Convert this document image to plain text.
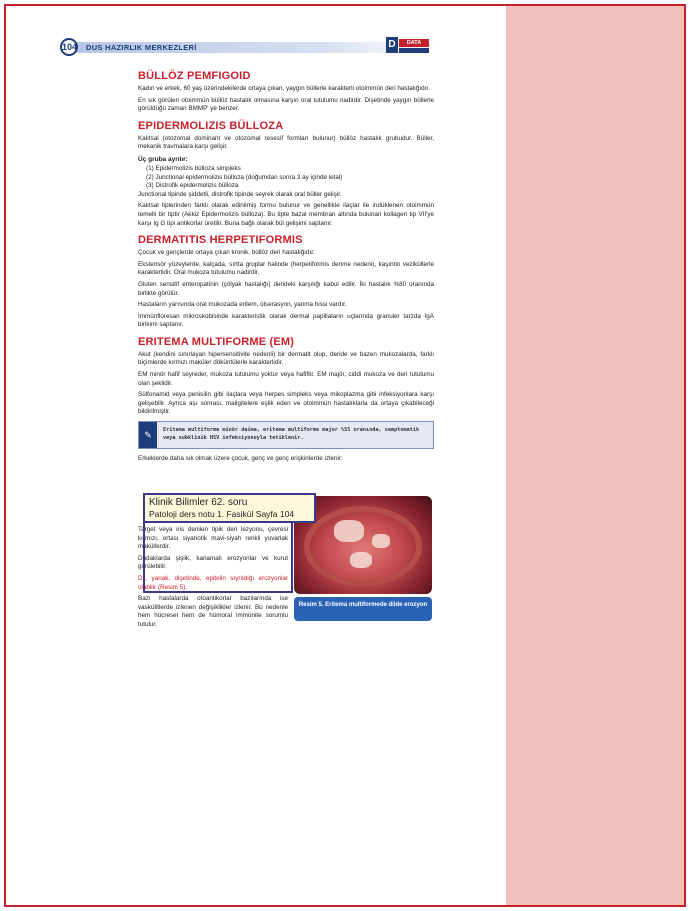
104 DUS HAZIRLIK MERKEZLERİ	D	DATA
BÜLLÖZ PEMFIGOID
Kadın ve erkek, 60 yaş üzerindekilerde ortaya çıkan, yaygın büllerle karakterli otoimmün deri hastalığıdır.
En sık görülen otoimmün büllöz hastalık olmasına karşın oral tutulumu nadirdir. Dişetinde yaygın büllerle görüldüğü zaman BMMP' ye benzer.
EPIDERMOLIZIS BÜLLOZA
Kalıtsal (otozomal dominant ve otozomal resesif formları bulunur) büllöz hastalık grubudur. Büller, mekanik travmalara karşı gelişir.
Üç gruba ayrılır:
(1) Epidermolizis bülloza simpleks
(2) Junctional epidermolizis bülloza (doğumdan sonra 3 ay içinde letal)
(3) Distrofik epidermolizis bülloza
Junctional tipinde şiddetli, distrofik tipinde seyrek olarak oral büller gelişir.
Kalıtsal tiplerinden farklı olarak edinilmiş formu bulunur ve genellikle ilaçlar ile indüklenen otoimmün temelli bir tiptir (Akkiz Epidermolizis bülloza). Bu tipte bazal membran altında bulunan kollagen tip VII'ye karşı Ig G tipi antikorlar üretilir. Buna bağlı olarak bül gelişimi saptanır.
DERMATITIS HERPETIFORMIS
Çocuk ve gençlerde ortaya çıkan kronik, büllöz deri hastalığıdır.
Ekstensör yüzeylerde, kalçada, sırtta gruplar halinde (herpetiformis denme nedeni), kaşıntılı veziküllerle karakterlidir. Oral mukoza tutulumu nadirdir.
Gluten sensitif enteropatinin (çölyak hastalığı) derideki karşılığı kabul edilir. İki hastalık %80 oranında birlikte görülür.
Hastaların yarısında oral mukozada eritem, ülserasyon, yanma hissi vardır.
İmmünfloresan mikroskobisinde karakteristik olarak dermal papillaların uçlarında granuler tarzda IgA birikimi saptanır.
ERITEMA MULTIFORME (EM)
Akut (kendini sınırlayan hipersensitivite nedenli) bir dermatit olup, deride ve bazen mukozalarda, farklı biçimlerde kırmızı maküler döküntülerle karakterlidir.
EM minör hafif seyreder, mukoza tutulumu yoktur veya hafiftir. EM majör, ciddi mukoza ve deri tutulumu olan şeklidir.
Sülfonamid veya penisilin gibi ilaçlara veya herpes simpleks veya mikoplazma gibi infeksiyonlara karşı gelişebilir. Ayrıca aşı sonrası, maligitelere eşlik eden ve otoimmün hastalıklarla da ortaya çıkabileceği bildirilmiştir.
✎	Eritema multiforme minör daima, eritema multiforme major %55 oranında, semptomatik veya subklinik HSV infeksiyonuyla tetiklenir.
Erkeklerde daha sık olmak üzere çocuk, genç ve genç erişkinlerde izlenir:
Target veya iris denilen tipik deri lezyonu, çevresi kırmızı, ortası siyanotik mavi-siyah renkli yuvarlak maküllerdir.
Dudaklarda şişlik, kanamalı erozyonlar ve kurut görülebilir.
Dil, yanak, dişetinde, epitelin sıyrıldığı erozyonlar olabilir (Resim 5).
Bazı hastalarda otoantikorlar bazılarında ise vaskülitlerde izlenen değişiklikler izlenir. Bu nedenle hem hücresel hem de hümoral immünite sorumlu tutulur.
Resim 5. Eritema multiformede dilde erozyon
Klinik Bilimler 62. soru
Patoloji ders notu 1. Fasikül Sayfa 104
